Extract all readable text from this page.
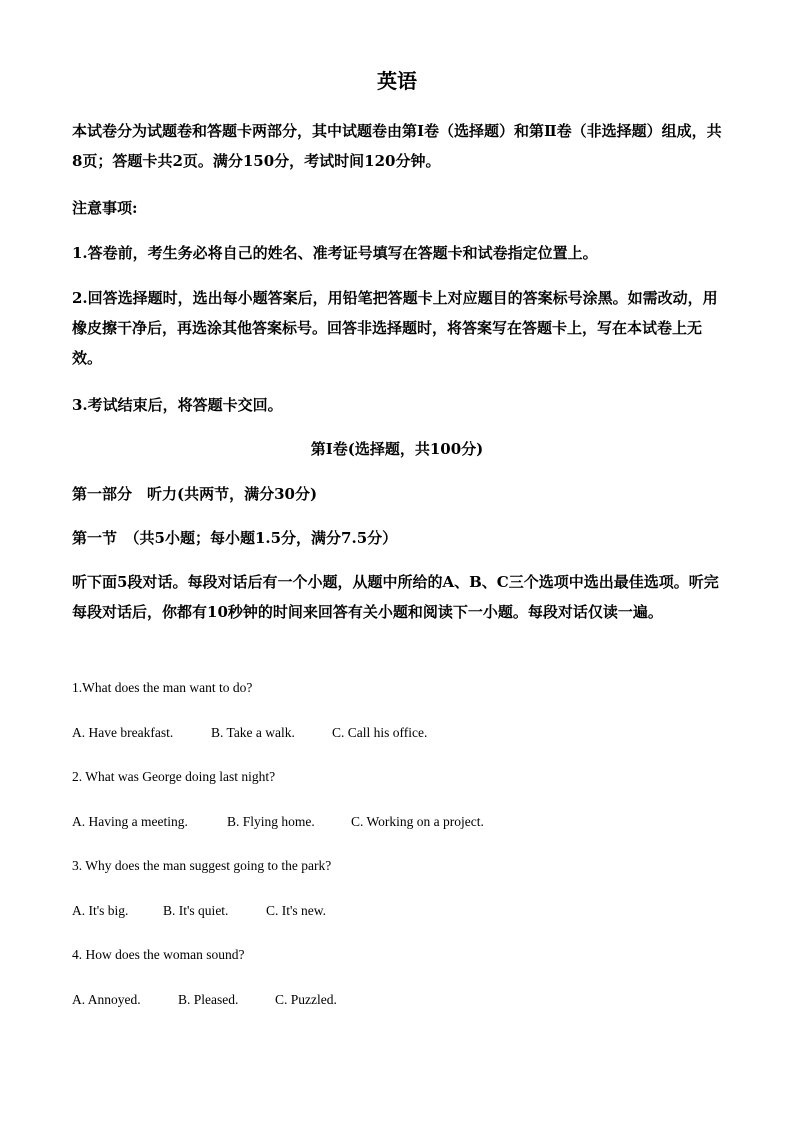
英语

本试卷分为试题卷和答题卡两部分，其中试题卷由第Ⅰ卷（选择题）和第Ⅱ卷（非选择题）组成，共8页；答题卡共2页。满分150分，考试时间120分钟。

注意事项:

1.答卷前，考生务必将自己的姓名、准考证号填写在答题卡和试卷指定位置上。

2.回答选择题时，选出每小题答案后，用铅笔把答题卡上对应题目的答案标号涂黑。如需改动，用橡皮擦干净后，再选涂其他答案标号。回答非选择题时，将答案写在答题卡上，写在本试卷上无效。

3.考试结束后，将答题卡交回。

第Ⅰ卷(选择题，共100分)

第一部分　听力(共两节，满分30分)

第一节　（共5小题；每小题1.5分，满分7.5分）

听下面5段对话。每段对话后有一个小题，从题中所给的A、B、C三个选项中选出最佳选项。听完每段对话后，你都有10秒钟的时间来回答有关小题和阅读下一小题。每段对话仅读一遍。

1.What does the man want to do?

A. Have breakfast.	B. Take a walk.	C. Call his office.

2. What was George doing last night?

A. Having a meeting.	B. Flying home.	C. Working on a project.

3. Why does the man suggest going to the park?

A. It's big.	B. It's quiet.	C. It's new.

4. How does the woman sound?

A. Annoyed.	B. Pleased.	C. Puzzled.
